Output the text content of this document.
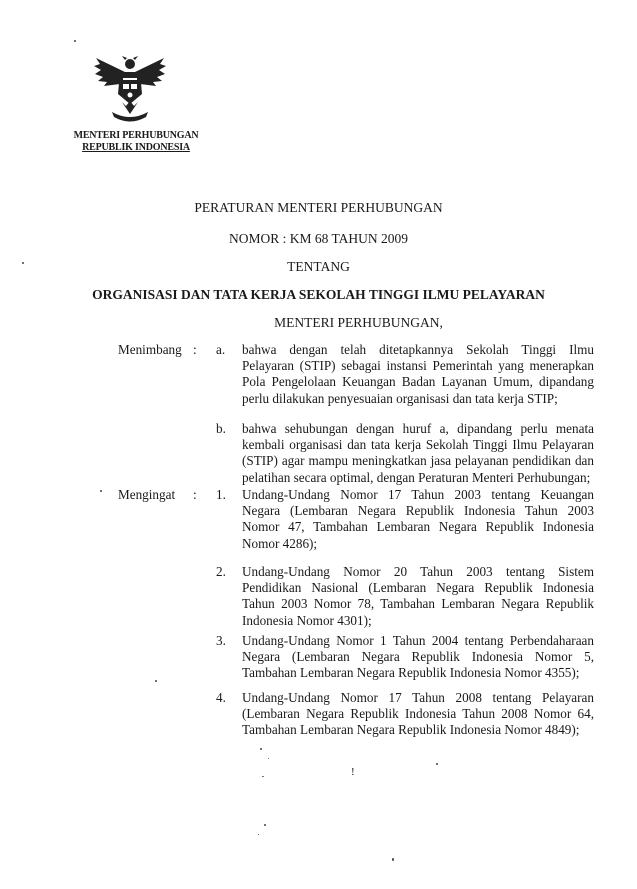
MENTERI PERHUBUNGAN
REPUBLIK INDONESIA
PERATURAN MENTERI PERHUBUNGAN
NOMOR : KM 68 TAHUN 2009
TENTANG
ORGANISASI DAN TATA KERJA SEKOLAH TINGGI ILMU PELAYARAN
MENTERI PERHUBUNGAN,
Menimbang : a. bahwa dengan telah ditetapkannya Sekolah Tinggi Ilmu
Pelayaran (STIP) sebagai instansi Pemerintah yang menerapkan
Pola Pengelolaan Keuangan Badan Layanan Umum, dipandang
perlu dilakukan penyesuaian organisasi dan tata kerja STIP;
b. bahwa sehubungan dengan huruf a, dipandang perlu menata
kembali organisasi dan tata kerja Sekolah Tinggi Ilmu Pelayaran
(STIP) agar mampu meningkatkan jasa pelayanan pendidikan dan
pelatihan secara optimal, dengan Peraturan Menteri Perhubungan;
Mengingat : 1. Undang-Undang Nomor 17 Tahun 2003 tentang Keuangan
Negara (Lembaran Negara Republik Indonesia Tahun 2003
Nomor 47, Tambahan Lembaran Negara Republik Indonesia
Nomor 4286);
2. Undang-Undang Nomor 20 Tahun 2003 tentang Sistem
Pendidikan Nasional (Lembaran Negara Republik Indonesia
Tahun 2003 Nomor 78, Tambahan Lembaran Negara Republik
Indonesia Nomor 4301);
3. Undang-Undang Nomor 1 Tahun 2004 tentang Perbendaharaan
Negara (Lembaran Negara Republik Indonesia Nomor 5,
Tambahan Lembaran Negara Republik Indonesia Nomor 4355);
4. Undang-Undang Nomor 17 Tahun 2008 tentang Pelayaran
(Lembaran Negara Republik Indonesia Tahun 2008 Nomor 64,
Tambahan Lembaran Negara Republik Indonesia Nomor 4849);
!
